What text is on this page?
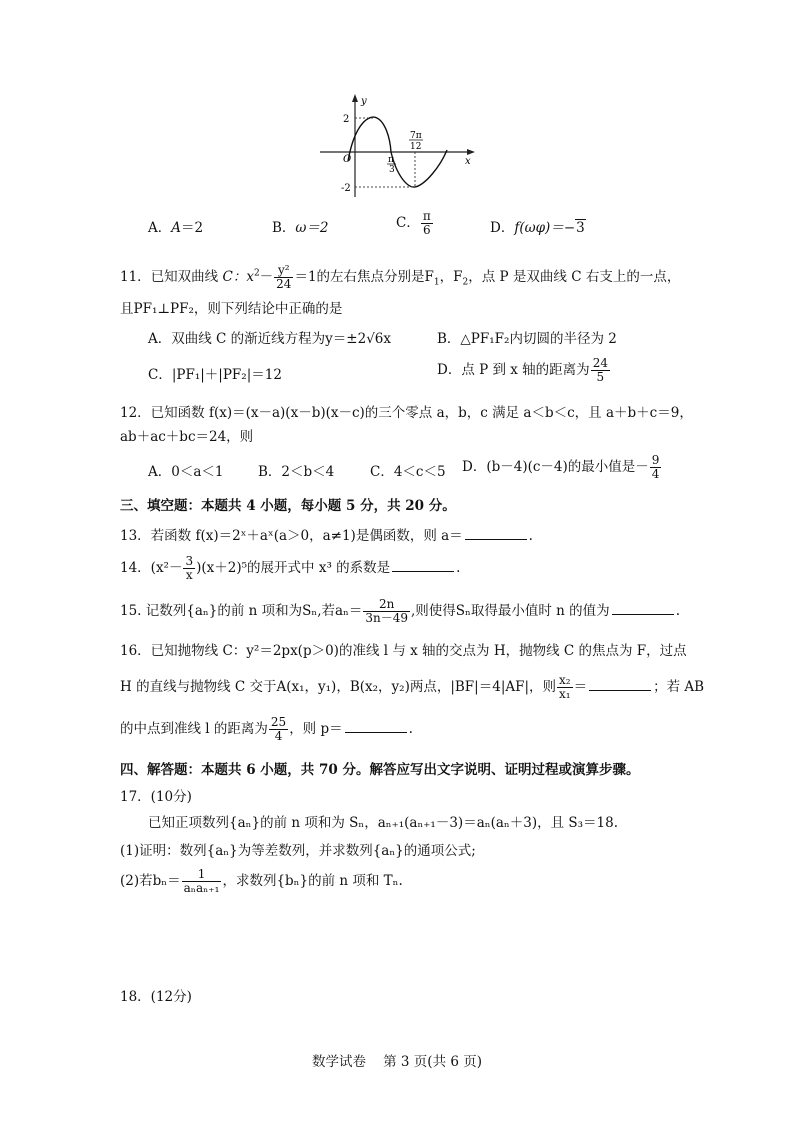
y
x
O
2
-2
π
3
7π
12
A．A＝2	B．ω＝2	C． $\frac{\pi}{6}$	D．f(ωφ)＝−3
11．已知双曲线 C：$x^2- \frac{\text{y²}}{24} =1$的左右焦点分别是$F_1$，$F_2$，点 P 是双曲线 C 右支上的一点，
且PF₁⊥PF₂，则下列结论中正确的是
A．双曲线 C 的渐近线方程为y＝±2√6x	B．△PF₁F₂内切圆的半径为 2
C．|PF₁|＋|PF₂|＝12	D．点 P 到 x 轴的距离为 $\frac{24}{5}$
12．已知函数 f(x)＝(x－a)(x－b)(x－c)的三个零点 a，b，c 满足 a＜b＜c，且 a＋b＋c＝9，
ab＋ac＋bc＝24，则
A．0＜a＜1	B．2＜b＜4	C．4＜c＜5 D．(b－4)(c－4)的最小值是－ $\frac{9}{4}$
三、填空题：本题共 4 小题，每小题 5 分，共 20 分。
13．若函数 f(x)＝2ˣ＋aˣ(a＞0，a≠1)是偶函数，则 a＝	.
14．$(x^2- \frac{3}{x} )(x+2)^5$的展开式中 x³ 的系数是	.
15. 记数列{aₙ}的前 n 项和为Sₙ,若$a_n= \frac{2n}{3n-49}$ ,则使得Sₙ取得最小值时 n 的值为	.
16．已知抛物线 C：y²＝2px(p＞0)的准线 l 与 x 轴的交点为 H，抛物线 C 的焦点为 F，过点
H 的直线与抛物线 C 交于A(x₁，y₁)，B(x₂，y₂)两点，|BF|＝4|AF|，则 $\frac{\text{x₂}}{\text{x₁}}$ ＝	；若 AB
的中点到准线 l 的距离为 $\frac{25}{4}$ ，则 p＝	.
四、解答题：本题共 6 小题，共 70 分。解答应写出文字说明、证明过程或演算步骤。
17．(10分)
已知正项数列{aₙ}的前 n 项和为 Sₙ，aₙ₊₁(aₙ₊₁－3)＝aₙ(aₙ＋3)，且 S₃＝18.
(1)证明：数列{aₙ}为等差数列，并求数列{aₙ}的通项公式;
(2)若$b_n= \frac{1}{\text{aₙaₙ₊₁}}$ ，求数列{bₙ}的前 n 项和 Tₙ.
18．(12分)
数学试卷    第 3 页(共 6 页)
